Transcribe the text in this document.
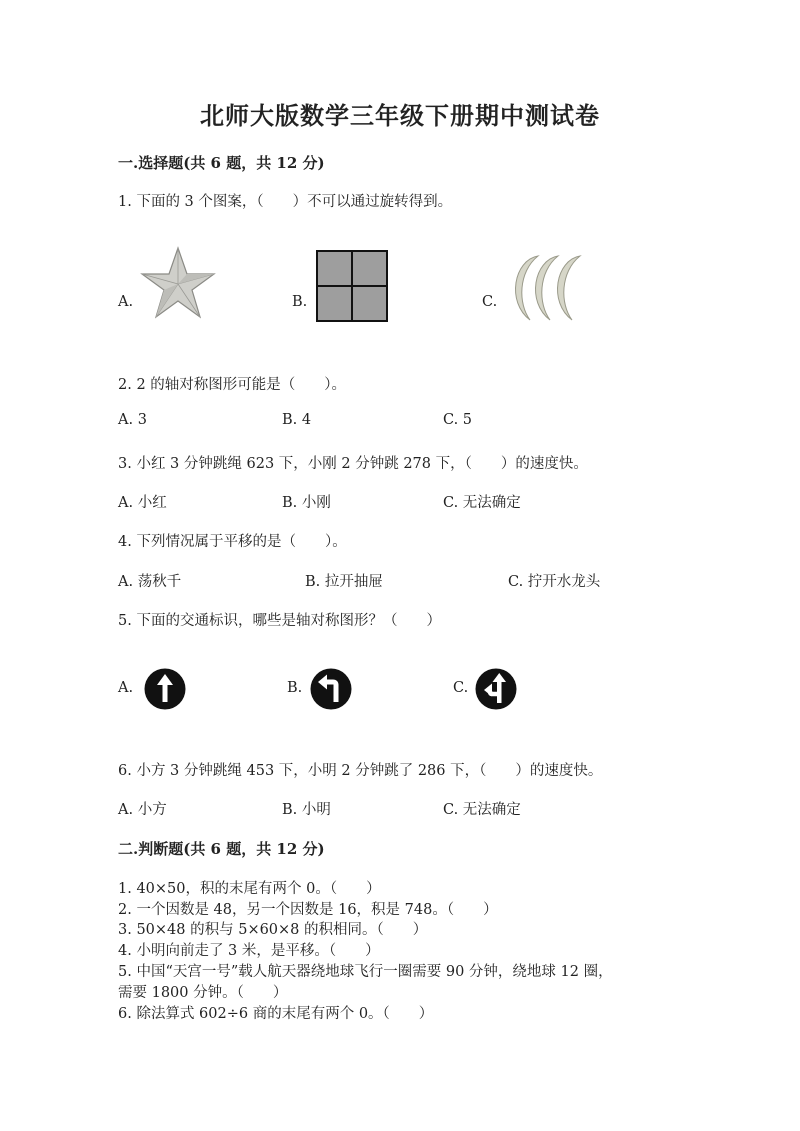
北师大版数学三年级下册期中测试卷
一.选择题(共 6 题，共 12 分)
1. 下面的 3 个图案，（　　）不可以通过旋转得到。
A.	B.	C.
2. 2 的轴对称图形可能是（　　）。
A. 3	B. 4	C. 5
3. 小红 3 分钟跳绳 623 下，小刚 2 分钟跳 278 下，（　　）的速度快。
A. 小红	B. 小刚	C. 无法确定
4. 下列情况属于平移的是（　　）。
A. 荡秋千	B. 拉开抽屉	C. 拧开水龙头
5. 下面的交通标识，哪些是轴对称图形？（　　）
A.	B.	C.
6. 小方 3 分钟跳绳 453 下，小明 2 分钟跳了 286 下，（　　）的速度快。
A. 小方	B. 小明	C. 无法确定
二.判断题(共 6 题，共 12 分)
1. 40×50，积的末尾有两个 0。（　　）
2. 一个因数是 48，另一个因数是 16，积是 748。（　　）
3. 50×48 的积与 5×60×8 的积相同。（　　）
4. 小明向前走了 3 米，是平移。（　　）
5. 中国“天宫一号”载人航天器绕地球飞行一圈需要 90 分钟，绕地球 12 圈，
需要 1800 分钟。（　　）
6. 除法算式 602÷6 商的末尾有两个 0。（　　）
